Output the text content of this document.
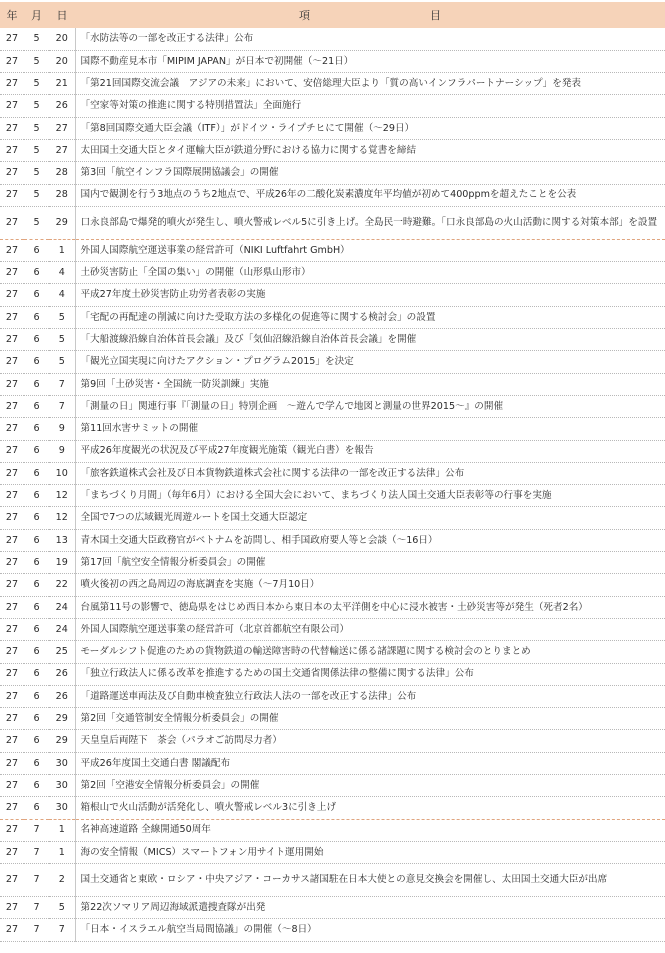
年	月	日	項 目
27	5	20	「水防法等の一部を改正する法律」公布
27	5	20	国際不動産見本市「MIPIM JAPAN」が日本で初開催（～21日）
27	5	21	「第21回国際交流会議　アジアの未来」において、安倍総理大臣より「質の高いインフラパートナーシップ」を発表
27	5	26	「空家等対策の推進に関する特別措置法」全面施行
27	5	27	「第8回国際交通大臣会議（ITF）」がドイツ・ライプチヒにて開催（～29日）
27	5	27	太田国土交通大臣とタイ運輸大臣が鉄道分野における協力に関する覚書を締結
27	5	28	第3回「航空インフラ国際展開協議会」の開催
27	5	28	国内で観測を行う3地点のうち2地点で、平成26年の二酸化炭素濃度年平均値が初めて400ppmを超えたことを公表
27	5	29	口永良部島で爆発的噴火が発生し、噴火警戒レベル5に引き上げ。全島民一時避難。「口永良部島の火山活動に関する対策本部」を設置
27	6	1	外国人国際航空運送事業の経営許可（NIKI Luftfahrt GmbH）
27	6	4	土砂災害防止「全国の集い」の開催（山形県山形市）
27	6	4	平成27年度土砂災害防止功労者表彰の実施
27	6	5	「宅配の再配達の削減に向けた受取方法の多様化の促進等に関する検討会」の設置
27	6	5	「大船渡線沿線自治体首長会議」及び「気仙沼線沿線自治体首長会議」を開催
27	6	5	「観光立国実現に向けたアクション・プログラム2015」を決定
27	6	7	第9回「土砂災害・全国統一防災訓練」実施
27	6	7	「測量の日」関連行事『「測量の日」特別企画　～遊んで学んで地図と測量の世界2015～』の開催
27	6	9	第11回水害サミットの開催
27	6	9	平成26年度観光の状況及び平成27年度観光施策（観光白書）を報告
27	6	10	「旅客鉄道株式会社及び日本貨物鉄道株式会社に関する法律の一部を改正する法律」公布
27	6	12	「まちづくり月間」（毎年6月）における全国大会において、まちづくり法人国土交通大臣表彰等の行事を実施
27	6	12	全国で7つの広域観光周遊ルートを国土交通大臣認定
27	6	13	青木国土交通大臣政務官がベトナムを訪問し、相手国政府要人等と会談（～16日）
27	6	19	第17回「航空安全情報分析委員会」の開催
27	6	22	噴火後初の西之島周辺の海底調査を実施（～7月10日）
27	6	24	台風第11号の影響で、徳島県をはじめ西日本から東日本の太平洋側を中心に浸水被害・土砂災害等が発生（死者2名）
27	6	24	外国人国際航空運送事業の経営許可（北京首都航空有限公司）
27	6	25	モーダルシフト促進のための貨物鉄道の輸送障害時の代替輸送に係る諸課題に関する検討会のとりまとめ
27	6	26	「独立行政法人に係る改革を推進するための国土交通省関係法律の整備に関する法律」公布
27	6	26	「道路運送車両法及び自動車検査独立行政法人法の一部を改正する法律」公布
27	6	29	第2回「交通管制安全情報分析委員会」の開催
27	6	29	天皇皇后両陛下　茶会（パラオご訪問尽力者）
27	6	30	平成26年度国土交通白書 閣議配布
27	6	30	第2回「空港安全情報分析委員会」の開催
27	6	30	箱根山で火山活動が活発化し、噴火警戒レベル3に引き上げ
27	7	1	名神高速道路 全線開通50周年
27	7	1	海の安全情報（MICS）スマートフォン用サイト運用開始
27	7	2	国土交通省と東欧・ロシア・中央アジア・コーカサス諸国駐在日本大使との意見交換会を開催し、太田国土交通大臣が出席
27	7	5	第22次ソマリア周辺海域派遣捜査隊が出発
27	7	7	「日本・イスラエル航空当局間協議」の開催（～8日）
